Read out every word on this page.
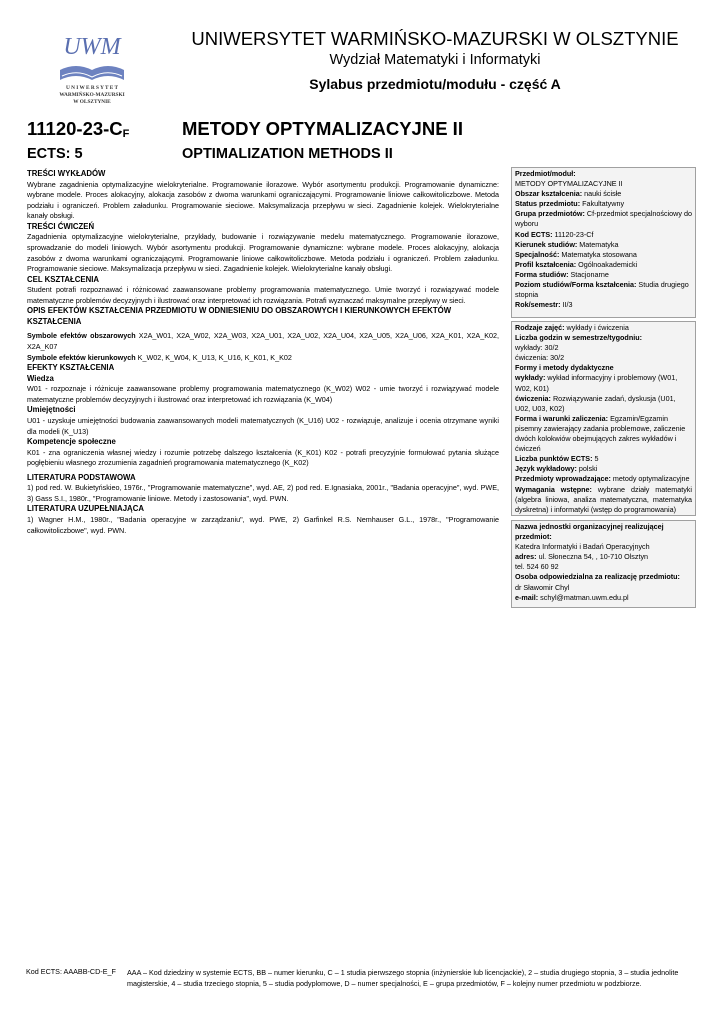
UWM
U N I W E R S Y T E T
WARMIŃSKO-MAZURSKI
W OLSZTYNIE
UNIWERSYTET WARMIŃSKO-MAZURSKI W OLSZTYNIE
Wydział Matematyki i Informatyki
Sylabus przedmiotu/modułu - część A
$11120-23-C_F$	METODY OPTYMALIZACYJNE II
ECTS: 5	OPTIMALIZATION METHODS II
TREŚCI WYKŁADÓW
Wybrane zagadnienia optymalizacyjne wielokryterialne. Programowanie ilorazowe. Wybór asortymentu produkcji. Programowanie dynamiczne: wybrane modele. Proces alokacyjny, alokacja zasobów z dwoma warunkami ograniczającymi. Programowanie liniowe całkowitoliczbowe. Metoda podziału i ograniczeń. Problem załadunku. Programowanie sieciowe. Maksymalizacja przepływu w sieci. Zagadnienie kolejek. Wielokryterialne kanały obsługi.
TREŚCI ĆWICZEŃ
Zagadnienia optymalizacyjne wielokryterialne, przykłady, budowanie i rozwiązywanie medelu matematycznego. Programowanie ilorazowe, sprowadzanie do modeli liniowych. Wybór asortymentu produkcji. Programowanie dynamiczne: wybrane modele. Proces alokacyjny, alokacja zasobów z dwoma warunkami ograniczającymi. Programowanie liniowe całkowitoliczbowe. Metoda podziału i ograniczeń. Problem załadunku. Programowanie sieciowe. Maksymalizacja przepływu w sieci. Zagadnienie kolejek. Wielokryterialne kanały obsługi.
CEL KSZTAŁCENIA
Student potrafi rozpoznawać i różnicować zaawansowane problemy programowania matematycznego. Umie tworzyć i rozwiązywać modele matematyczne problemów decyzyjnych i ilustrować oraz interpretować ich rozwiązania. Potrafi wyznaczać maksymalne przepływy w sieci.
OPIS EFEKTÓW KSZTAŁCENIA PRZEDMIOTU W ODNIESIENIU DO OBSZAROWYCH I KIERUNKOWYCH EFEKTÓW KSZTAŁCENIA
Symbole efektów obszarowych X2A_W01, X2A_W02, X2A_W03, X2A_U01, X2A_U02, X2A_U04, X2A_U05, X2A_U06, X2A_K01, X2A_K02, X2A_K07
Symbole efektów kierunkowych K_W02, K_W04, K_U13, K_U16, K_K01, K_K02
EFEKTY KSZTAŁCENIA
Wiedza
W01 - rozpoznaje i różnicuje zaawansowane problemy programowania matematycznego (K_W02) W02 - umie tworzyć i rozwiązywać modele matematyczne problemów decyzyjnych i ilustrować oraz interpretować ich rozwiązania (K_W04)
Umiejętności
U01 - uzyskuje umiejętności budowania zaawansowanych modeli matematycznych (K_U16) U02 - rozwiązuje, analizuje i ocenia otrzymane wyniki dla modeli (K_U13)
Kompetencje społeczne
K01 - zna ograniczenia własnej wiedzy i rozumie potrzebę dalszego kształcenia (K_K01) K02 - potrafi precyzyjnie formułować pytania służące pogłębieniu własnego zrozumienia zagadnień programowania matematycznego (K_K02)
LITERATURA PODSTAWOWA
1) pod red. W. Bukietyńskieo, 1976r., "Programowanie matematyczne", wyd. AE, 2) pod red. E.Ignasiaka, 2001r., "Badania operacyjne", wyd. PWE, 3) Gass S.I., 1980r., "Programowanie liniowe. Metody i zastosowania", wyd. PWN.
LITERATURA UZUPEŁNIAJĄCA
1) Wagner H.M., 1980r., "Badania operacyjne w zarządzaniu", wyd. PWE, 2) Garfinkel R.S. Nemhauser G.L., 1978r., "Programowanie całkowitoliczbowe", wyd. PWN.
Przedmiot/moduł:
METODY OPTYMALIZACYJNE II
Obszar kształcenia: nauki ścisłe
Status przedmiotu: Fakultatywny
Grupa przedmiotów: Cf-przedmiot specjalnościowy do wyboru
Kod ECTS: 11120-23-Cf
Kierunek studiów: Matematyka
Specjalność: Matematyka stosowana
Profil kształcenia: Ogólnoakademicki
Forma studiów: Stacjonarne
Poziom studiów/Forma kształcenia: Studia drugiego stopnia
Rok/semestr: II/3
Rodzaje zajęć: wykłady i ćwiczenia
Liczba godzin w semestrze/tygodniu:
wykłady: 30/2
ćwiczenia: 30/2
Formy i metody dydaktyczne
wykłady: wykład informacyjny i problemowy (W01, W02, K01)
ćwiczenia: Rozwiązywanie zadań, dyskusja (U01, U02, U03, K02)
Forma i warunki zaliczenia: Egzamin/Egzamin pisemny zawierający zadania problemowe, zaliczenie dwóch kolokwiów obejmujących zakres wykładów i ćwiczeń
Liczba punktów ECTS: 5
Język wykładowy: polski
Przedmioty wprowadzające: metody optymalizacyjne
Wymagania wstępne: wybrane działy matematyki (algebra liniowa, analiza matematyczna, matematyka dyskretna) i informatyki (wstęp do programowania)
Nazwa jednostki organizacyjnej realizującej przedmiot:
Katedra Informatyki i Badań Operacyjnych
adres: ul. Słoneczna 54, , 10-710 Olsztyn
tel. 524 60 92
Osoba odpowiedzialna za realizację przedmiotu:
dr Sławomir Chyl
e-mail: schyl@matman.uwm.edu.pl
Kod ECTS: AAABB-CD-E_F AAA – Kod dziedziny w systemie ECTS, BB – numer kierunku, C – 1 studia pierwszego stopnia (inżynierskie lub licencjackie), 2 – studia drugiego stopnia, 3 – studia jednolite magisterskie, 4 – studia trzeciego stopnia, 5 – studia podyplomowe, D – numer specjalności, E – grupa przedmiotów, F – kolejny numer przedmiotu w podzbiorze.
